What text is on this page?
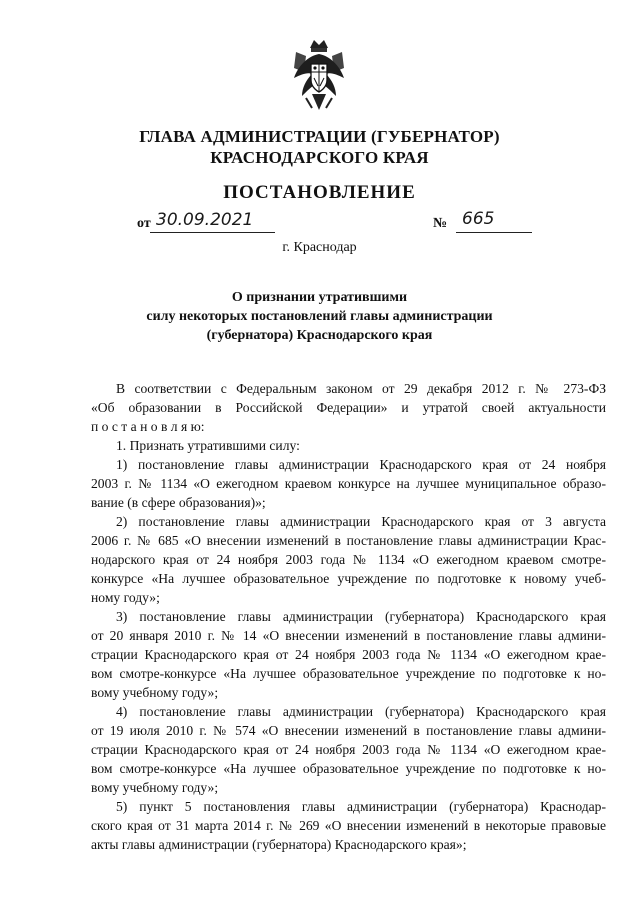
ГЛАВА АДМИНИСТРАЦИИ (ГУБЕРНАТОР)
КРАСНОДАРСКОГО КРАЯ
ПОСТАНОВЛЕНИЕ
от 30.09.2021	№ 665
г. Краснодар
О признании утратившими
силу некоторых постановлений главы администрации
(губернатора) Краснодарского края
В соответствии с Федеральным законом от 29 декабря 2012 г. № 273-ФЗ
«Об образовании в Российской Федерации» и утратой своей актуальности
п о с т а н о в л я ю:
1. Признать утратившими силу:
1) постановление главы администрации Краснодарского края от 24 ноября
2003 г. № 1134 «О ежегодном краевом конкурсе на лучшее муниципальное образо-
вание (в сфере образования)»;
2) постановление главы администрации Краснодарского края от 3 августа
2006 г. № 685 «О внесении изменений в постановление главы администрации Крас-
нодарского края от 24 ноября 2003 года № 1134 «О ежегодном краевом смотре-
конкурсе «На лучшее образовательное учреждение по подготовке к новому учеб-
ному году»;
3) постановление главы администрации (губернатора) Краснодарского края
от 20 января 2010 г. № 14 «О внесении изменений в постановление главы админи-
страции Краснодарского края от 24 ноября 2003 года № 1134 «О ежегодном крае-
вом смотре-конкурсе «На лучшее образовательное учреждение по подготовке к но-
вому учебному году»;
4) постановление главы администрации (губернатора) Краснодарского края
от 19 июля 2010 г. № 574 «О внесении изменений в постановление главы админи-
страции Краснодарского края от 24 ноября 2003 года № 1134 «О ежегодном крае-
вом смотре-конкурсе «На лучшее образовательное учреждение по подготовке к но-
вому учебному году»;
5) пункт 5 постановления главы администрации (губернатора) Краснодар-
ского края от 31 марта 2014 г. № 269 «О внесении изменений в некоторые правовые
акты главы администрации (губернатора) Краснодарского края»;
